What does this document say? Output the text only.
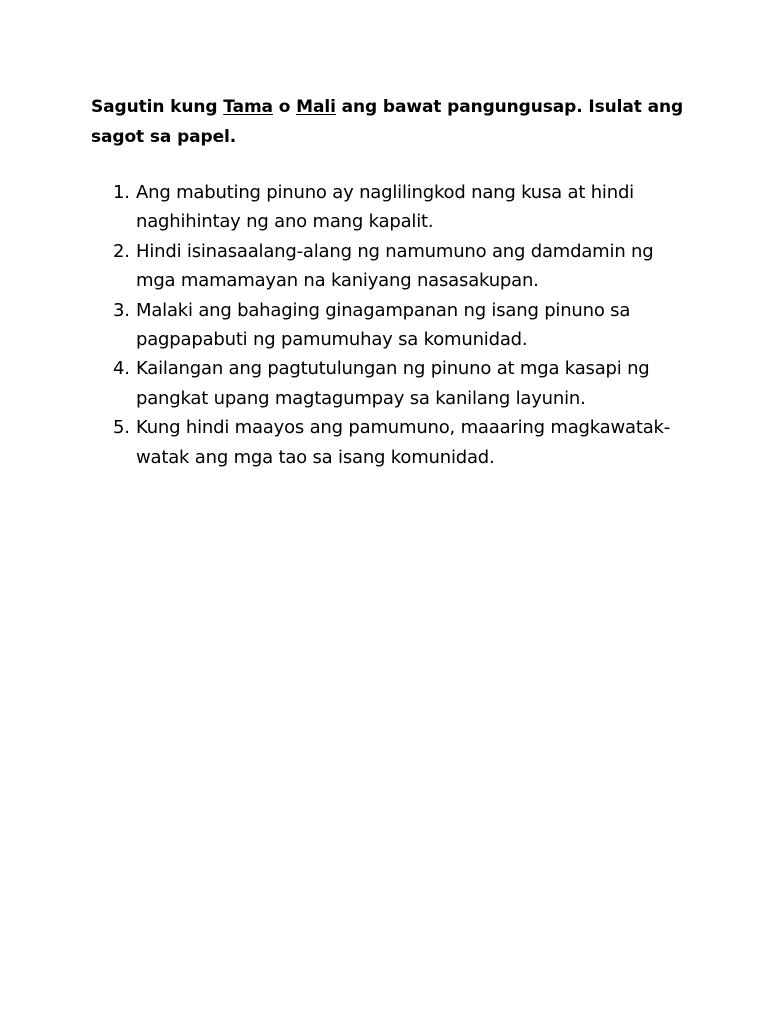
Sagutin kung Tama o Mali ang bawat pangungusap. Isulat ang sagot sa papel.
1. Ang mabuting pinuno ay naglilingkod nang kusa at hindi naghihintay ng ano mang kapalit.
2. Hindi isinasaalang-alang ng namumuno ang damdamin ng mga mamamayan na kaniyang nasasakupan.
3. Malaki ang bahaging ginagampanan ng isang pinuno sa pagpapabuti ng pamumuhay sa komunidad.
4. Kailangan ang pagtutulungan ng pinuno at mga kasapi ng pangkat upang magtagumpay sa kanilang layunin.
5. Kung hindi maayos ang pamumuno, maaaring magkawatak-watak ang mga tao sa isang komunidad.
